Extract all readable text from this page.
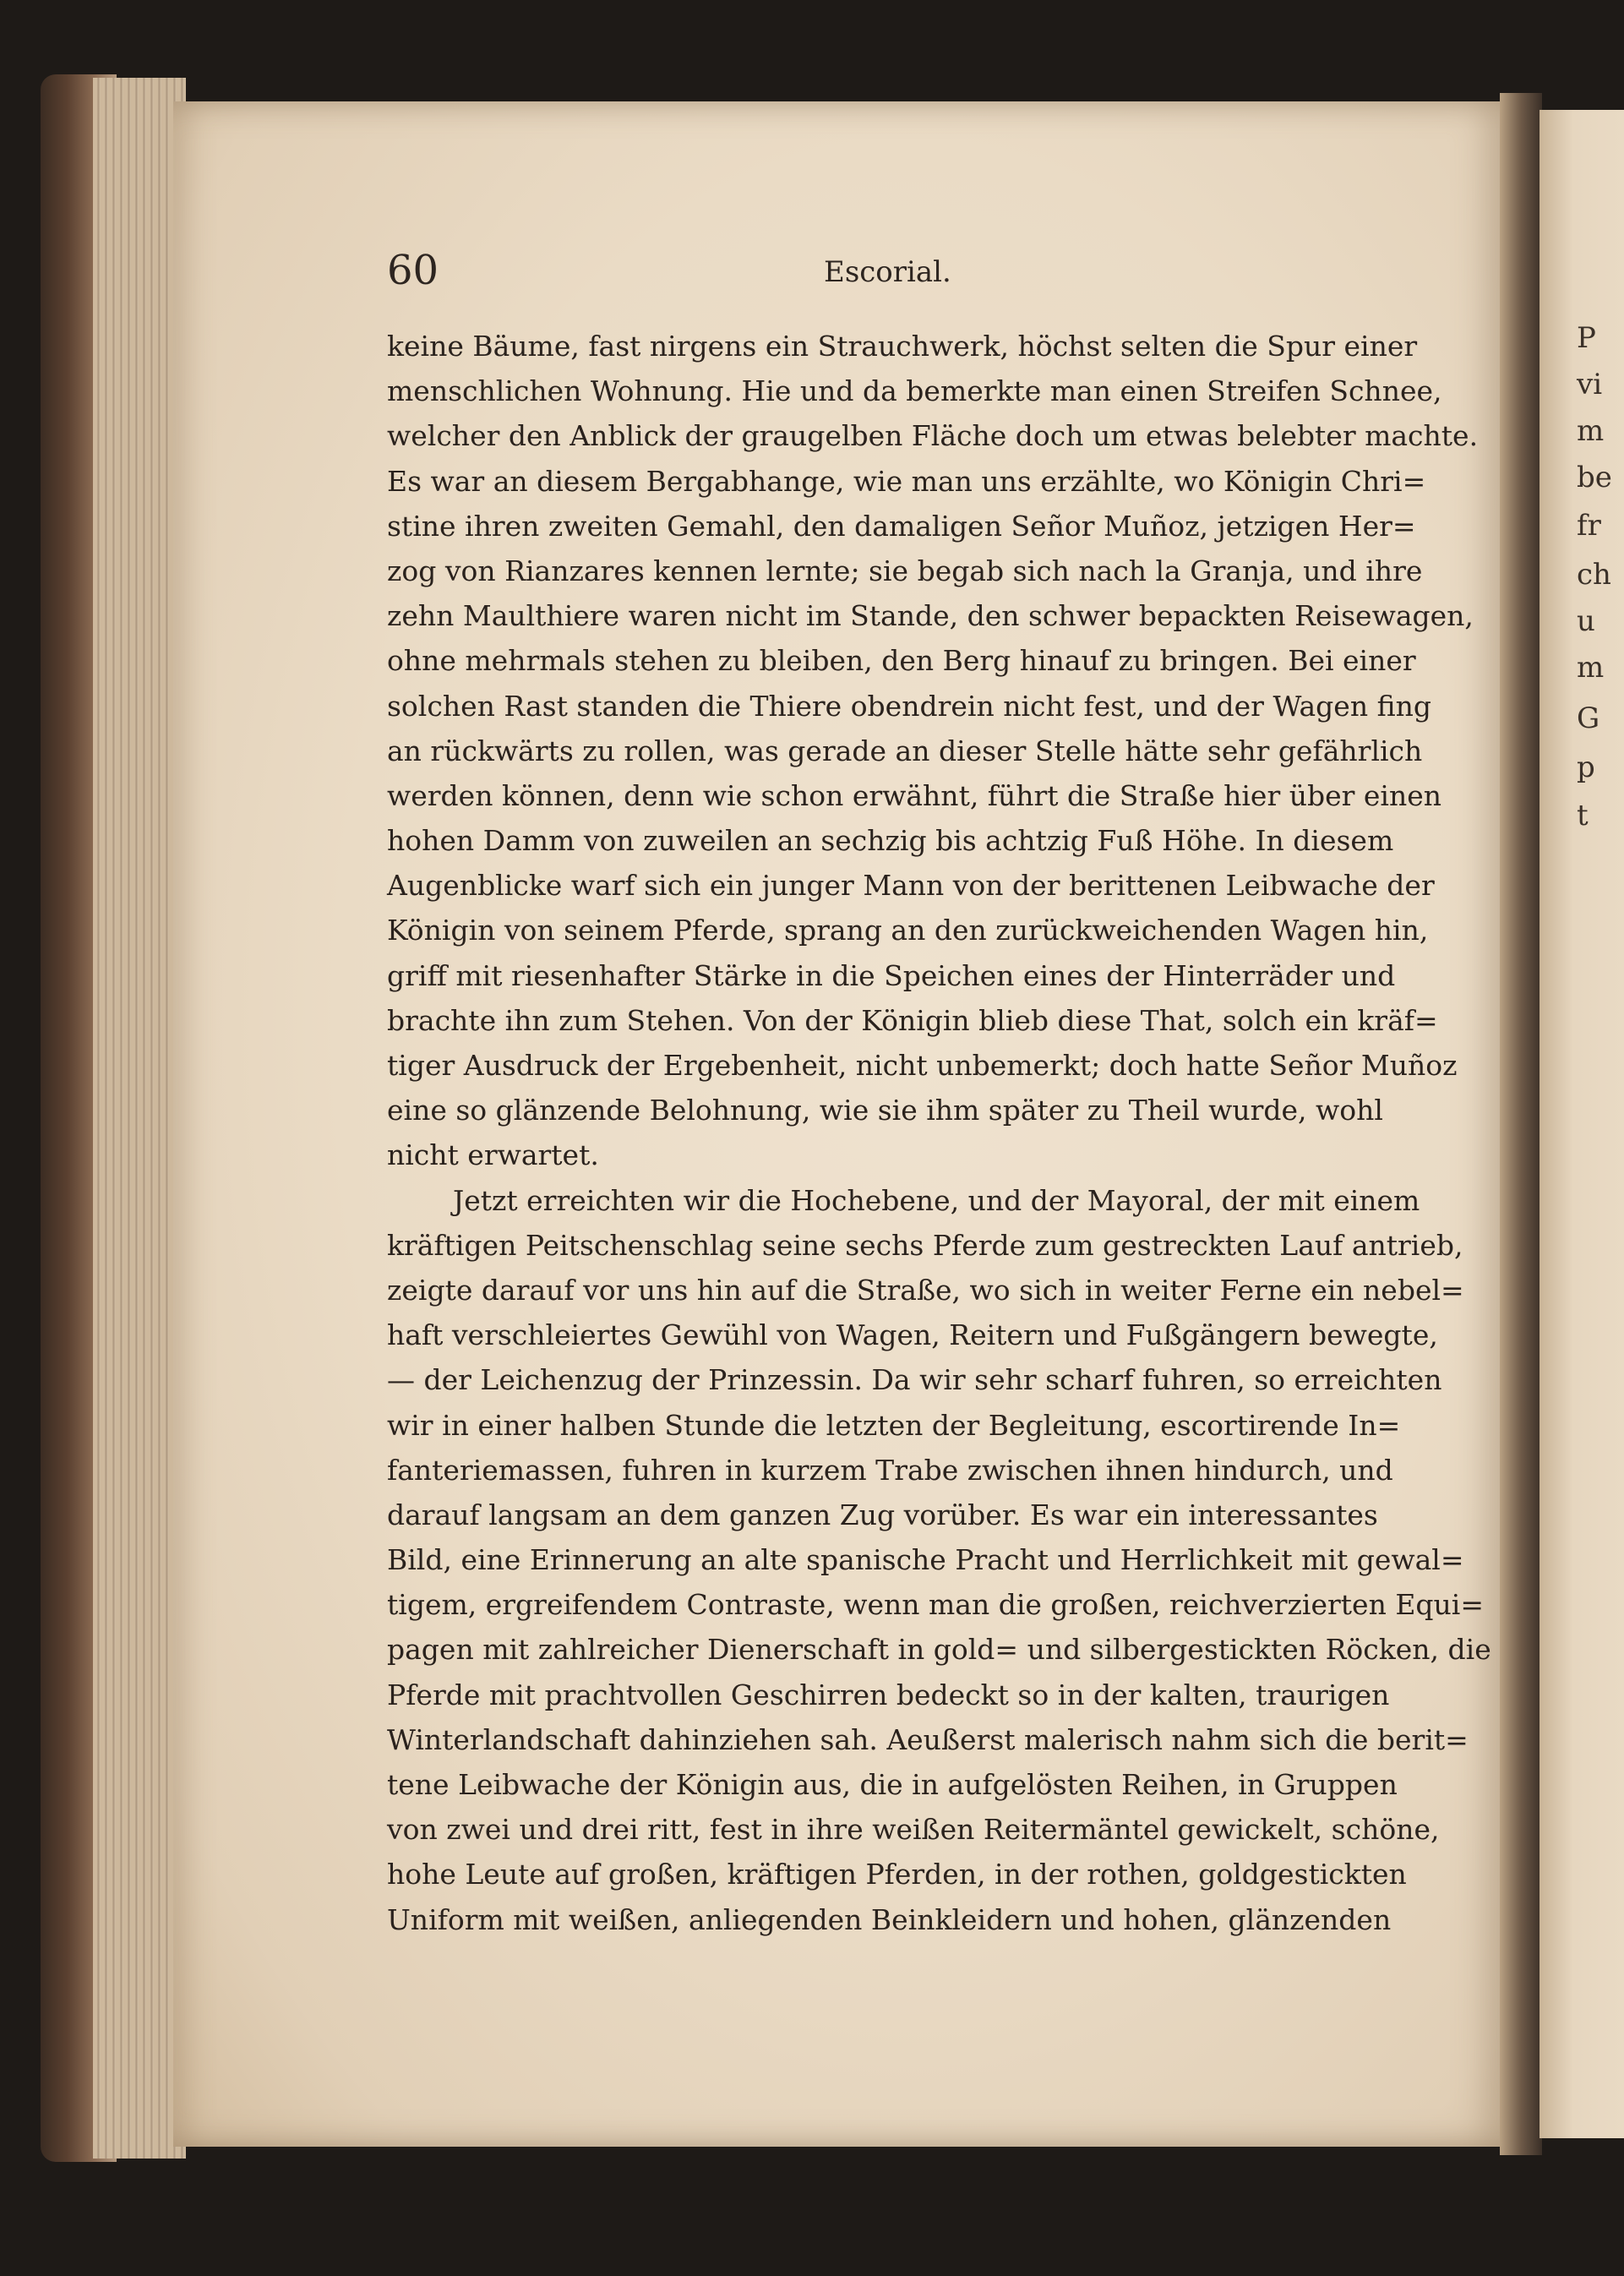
P
vi
m
be
fr
ch
u
m
G
p
t
60	Escorial.
keine Bäume, fast nirgens ein Strauchwerk, höchst selten die Spur einer
menschlichen Wohnung. Hie und da bemerkte man einen Streifen Schnee,
welcher den Anblick der graugelben Fläche doch um etwas belebter machte.
Es war an diesem Bergabhange, wie man uns erzählte, wo Königin Chri=
stine ihren zweiten Gemahl, den damaligen Señor Muñoz, jetzigen Her=
zog von Rianzares kennen lernte; sie begab sich nach la Granja, und ihre
zehn Maulthiere waren nicht im Stande, den schwer bepackten Reisewagen,
ohne mehrmals stehen zu bleiben, den Berg hinauf zu bringen. Bei einer
solchen Rast standen die Thiere obendrein nicht fest, und der Wagen fing
an rückwärts zu rollen, was gerade an dieser Stelle hätte sehr gefährlich
werden können, denn wie schon erwähnt, führt die Straße hier über einen
hohen Damm von zuweilen an sechzig bis achtzig Fuß Höhe. In diesem
Augenblicke warf sich ein junger Mann von der berittenen Leibwache der
Königin von seinem Pferde, sprang an den zurückweichenden Wagen hin,
griff mit riesenhafter Stärke in die Speichen eines der Hinterräder und
brachte ihn zum Stehen. Von der Königin blieb diese That, solch ein kräf=
tiger Ausdruck der Ergebenheit, nicht unbemerkt; doch hatte Señor Muñoz
eine so glänzende Belohnung, wie sie ihm später zu Theil wurde, wohl
nicht erwartet.
Jetzt erreichten wir die Hochebene, und der Mayoral, der mit einem
kräftigen Peitschenschlag seine sechs Pferde zum gestreckten Lauf antrieb,
zeigte darauf vor uns hin auf die Straße, wo sich in weiter Ferne ein nebel=
haft verschleiertes Gewühl von Wagen, Reitern und Fußgängern bewegte,
— der Leichenzug der Prinzessin. Da wir sehr scharf fuhren, so erreichten
wir in einer halben Stunde die letzten der Begleitung, escortirende In=
fanteriemassen, fuhren in kurzem Trabe zwischen ihnen hindurch, und
darauf langsam an dem ganzen Zug vorüber. Es war ein interessantes
Bild, eine Erinnerung an alte spanische Pracht und Herrlichkeit mit gewal=
tigem, ergreifendem Contraste, wenn man die großen, reichverzierten Equi=
pagen mit zahlreicher Dienerschaft in gold= und silbergestickten Röcken, die
Pferde mit prachtvollen Geschirren bedeckt so in der kalten, traurigen
Winterlandschaft dahinziehen sah. Aeußerst malerisch nahm sich die berit=
tene Leibwache der Königin aus, die in aufgelösten Reihen, in Gruppen
von zwei und drei ritt, fest in ihre weißen Reitermäntel gewickelt, schöne,
hohe Leute auf großen, kräftigen Pferden, in der rothen, goldgestickten
Uniform mit weißen, anliegenden Beinkleidern und hohen, glänzenden
